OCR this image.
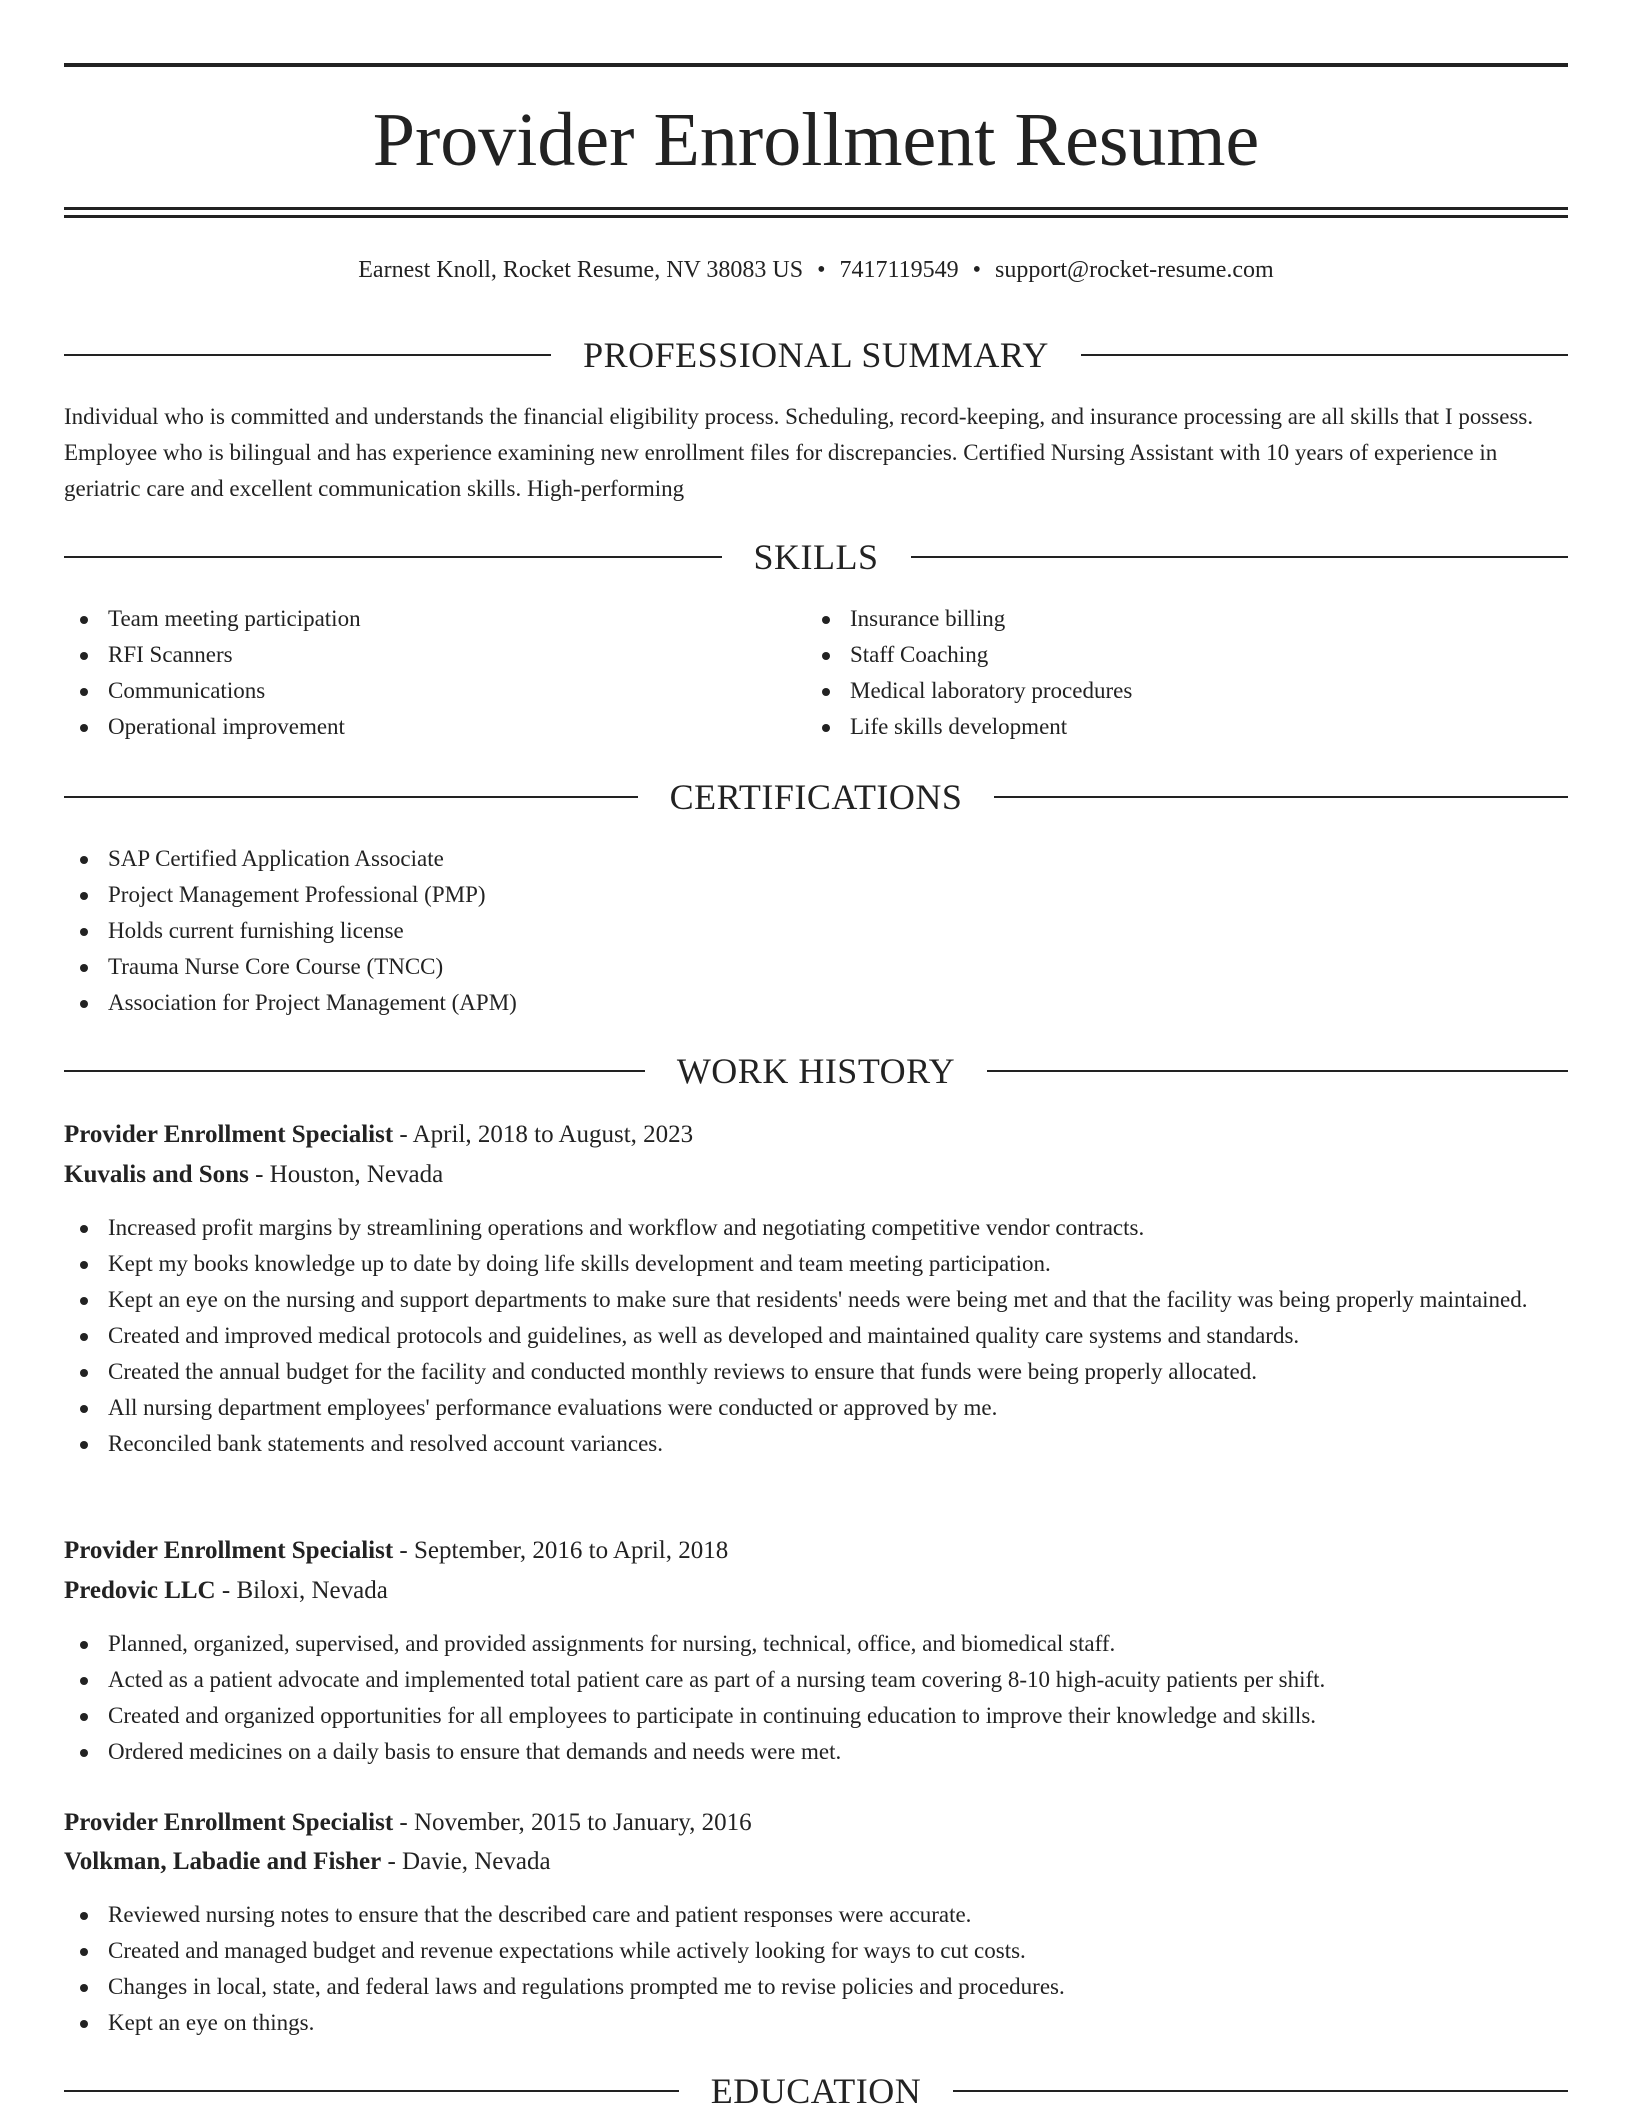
Provider Enrollment Resume
Earnest Knoll, Rocket Resume, NV 38083 US • 7417119549 • support@rocket-resume.com
PROFESSIONAL SUMMARY

Individual who is committed and understands the financial eligibility process. Scheduling, record-keeping, and insurance processing are all skills that I possess. Employee who is bilingual and has experience examining new enrollment files for discrepancies. Certified Nursing Assistant with 10 years of experience in geriatric care and excellent communication skills. High-performing

SKILLS
Team meeting participation
RFI Scanners
Communications
Operational improvement
Insurance billing
Staff Coaching
Medical laboratory procedures
Life skills development
CERTIFICATIONS
SAP Certified Application Associate
Project Management Professional (PMP)
Holds current furnishing license
Trauma Nurse Core Course (TNCC)
Association for Project Management (APM)
WORK HISTORY
Provider Enrollment Specialist - April, 2018 to August, 2023
Kuvalis and Sons - Houston, Nevada
Increased profit margins by streamlining operations and workflow and negotiating competitive vendor contracts.
Kept my books knowledge up to date by doing life skills development and team meeting participation.
Kept an eye on the nursing and support departments to make sure that residents' needs were being met and that the facility was being properly maintained.
Created and improved medical protocols and guidelines, as well as developed and maintained quality care systems and standards.
Created the annual budget for the facility and conducted monthly reviews to ensure that funds were being properly allocated.
All nursing department employees' performance evaluations were conducted or approved by me.
Reconciled bank statements and resolved account variances.
Provider Enrollment Specialist - September, 2016 to April, 2018
Predovic LLC - Biloxi, Nevada
Planned, organized, supervised, and provided assignments for nursing, technical, office, and biomedical staff.
Acted as a patient advocate and implemented total patient care as part of a nursing team covering 8-10 high-acuity patients per shift.
Created and organized opportunities for all employees to participate in continuing education to improve their knowledge and skills.
Ordered medicines on a daily basis to ensure that demands and needs were met.
Provider Enrollment Specialist - November, 2015 to January, 2016
Volkman, Labadie and Fisher - Davie, Nevada
Reviewed nursing notes to ensure that the described care and patient responses were accurate.
Created and managed budget and revenue expectations while actively looking for ways to cut costs.
Changes in local, state, and federal laws and regulations prompted me to revise policies and procedures.
Kept an eye on things.
EDUCATION
